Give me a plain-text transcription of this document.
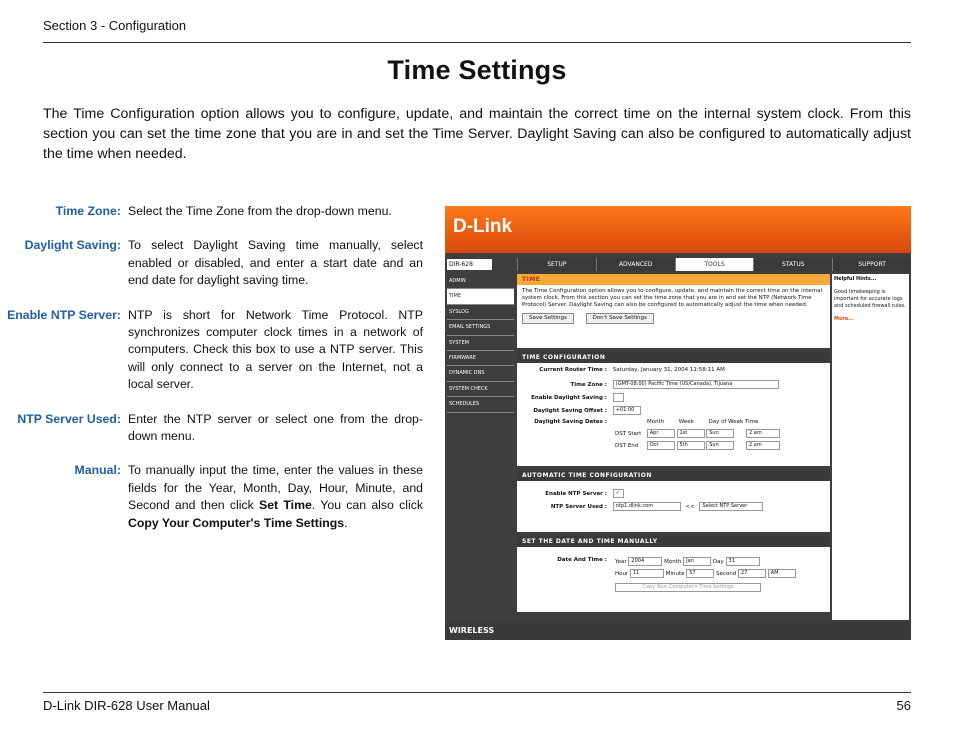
Section 3 - Configuration
Time Settings
The Time Configuration option allows you to configure, update, and maintain the correct time on the internal system clock. From this section you can set the time zone that you are in and set the Time Server. Daylight Saving can also be configured to automatically adjust the time when needed.
Time Zone: Select the Time Zone from the drop-down menu.
Daylight Saving: To select Daylight Saving time manually, select enabled or disabled, and enter a start date and an end date for daylight saving time.
Enable NTP Server: NTP is short for Network Time Protocol. NTP synchronizes computer clock times in a network of computers. Check this box to use a NTP server. This will only connect to a server on the Internet, not a local server.
NTP Server Used: Enter the NTP server or select one from the drop-down menu.
Manual: To manually input the time, enter the values in these fields for the Year, Month, Day, Hour, Minute, and Second and then click Set Time. You can also click Copy Your Computer's Time Settings.
D-Link
DIR-628	SETUP	ADVANCED	TOOLS	STATUS	SUPPORT
ADMIN
TIME
SYSLOG
EMAIL SETTINGS
SYSTEM
FIRMWARE
DYNAMIC DNS
SYSTEM CHECK
SCHEDULES
TIME
The Time Configuration option allows you to configure, update, and maintain the correct time on the internal system clock. From this section you can set the time zone that you are in and set the NTP (Network Time Protocol) Server. Daylight Saving can also be configured to automatically adjust the time when needed.
Save Settings	Don't Save Settings
TIME CONFIGURATION
Current Router Time : Saturday, January 31, 2004 11:58:11 AM
Time Zone : (GMT-08:00) Pacific Time (US/Canada), Tijuana
Enable Daylight Saving :
Daylight Saving Offset : +01:00
Daylight Saving Dates :	Month	Week	Day of Week Time
DST Start Apr	1st	Sun	2 am
DST End Oct	5th	Sun	2 am
AUTOMATIC TIME CONFIGURATION
Enable NTP Server : ✓
NTP Server Used : ntp1.dlink.com	<< Select NTP Server
SET THE DATE AND TIME MANUALLY
Date And Time : Year 2004	Month Jan	Day 31
Hour 11	Minute 57	Second 27	AM
Copy Your Computer's Time Settings
Helpful Hints...
Good timekeeping is important for accurate logs and scheduled firewall rules.
More...
WIRELESS
D-Link DIR-628 User Manual	56
